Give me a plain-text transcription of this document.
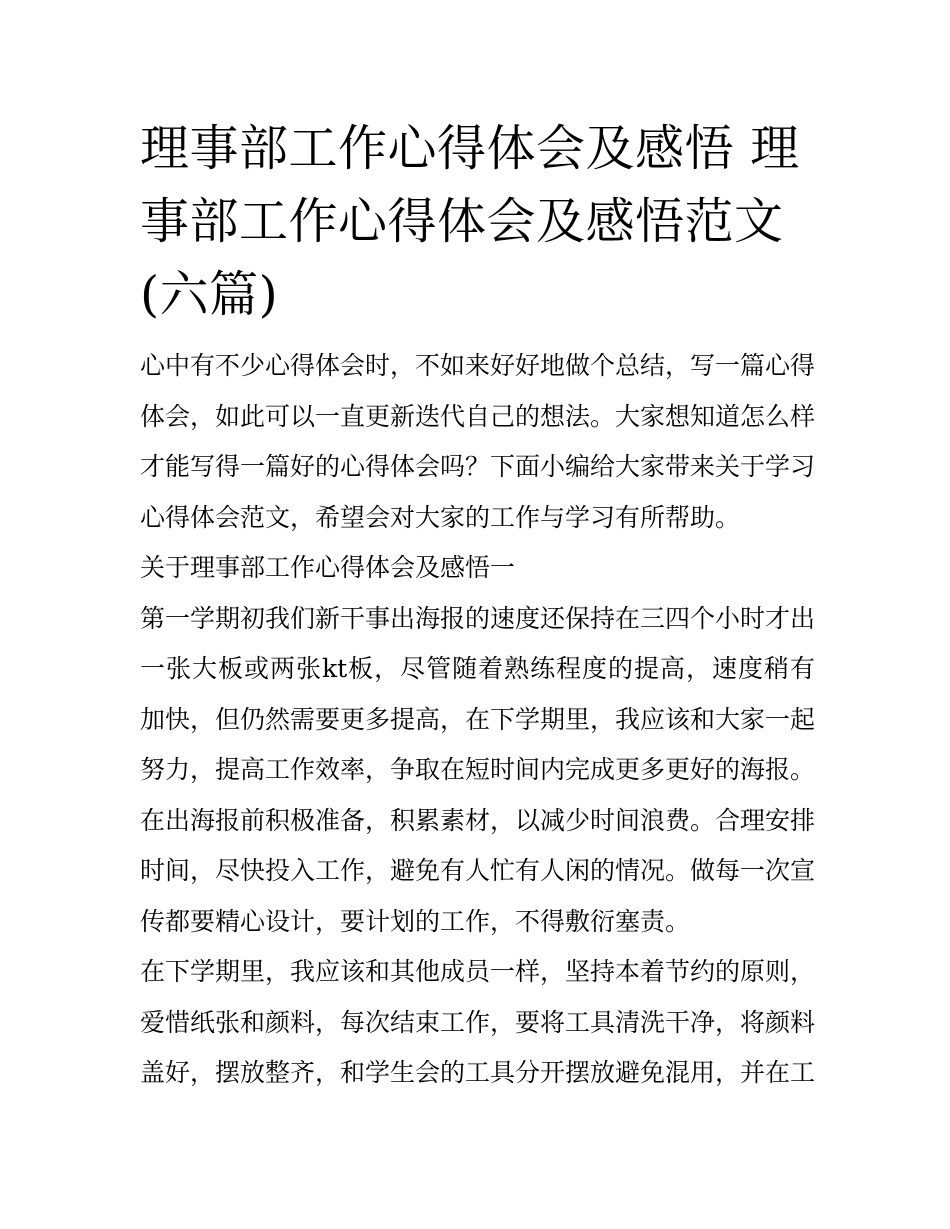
理事部工作心得体会及感悟 理事部工作心得体会及感悟范文(六篇)

心中有不少心得体会时，不如来好好地做个总结，写一篇心得体会，如此可以一直更新迭代自己的想法。大家想知道怎么样才能写得一篇好的心得体会吗？下面小编给大家带来关于学习心得体会范文，希望会对大家的工作与学习有所帮助。

关于理事部工作心得体会及感悟一

第一学期初我们新干事出海报的速度还保持在三四个小时才出一张大板或两张kt板，尽管随着熟练程度的提高，速度稍有加快，但仍然需要更多提高，在下学期里，我应该和大家一起努力，提高工作效率，争取在短时间内完成更多更好的海报。在出海报前积极准备，积累素材，以减少时间浪费。合理安排时间，尽快投入工作，避免有人忙有人闲的情况。做每一次宣传都要精心设计，要计划的工作，不得敷衍塞责。

在下学期里，我应该和其他成员一样，坚持本着节约的原则，爱惜纸张和颜料，每次结束工作，要将工具清洗干净，将颜料盖好，摆放整齐，和学生会的工具分开摆放避免混用，并在工
